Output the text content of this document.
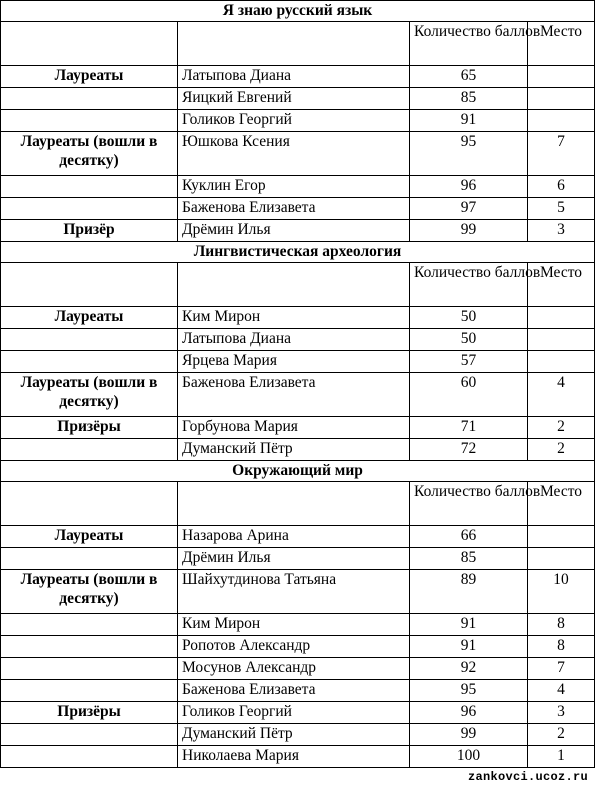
Я знаю русский язык			
		Количество баллов	Место
Лауреаты	Латыпова Диана	65	
	Яицкий Евгений	85	
	Голиков Георгий	91	
Лауреаты (вошли в десятку)	Юшкова Ксения	95	7
	Куклин Егор	96	6
	Баженова Елизавета	97	5
Призёр	Дрёмин Илья	99	3
Лингвистическая археология			
		Количество баллов	Место
Лауреаты	Ким Мирон	50	
	Латыпова Диана	50	
	Ярцева Мария	57	
Лауреаты (вошли в десятку)	Баженова Елизавета	60	4
Призёры	Горбунова Мария	71	2
	Думанский Пётр	72	2
Окружающий мир			
		Количество баллов	Место
Лауреаты	Назарова Арина	66	
	Дрёмин Илья	85	
Лауреаты (вошли в десятку)	Шайхутдинова Татьяна	89	10
	Ким Мирон	91	8
	Ропотов Александр	91	8
	Мосунов Александр	92	7
	Баженова Елизавета	95	4
Призёры	Голиков Георгий	96	3
	Думанский Пётр	99	2
	Николаева Мария	100	1
zankovci.ucoz.ru
